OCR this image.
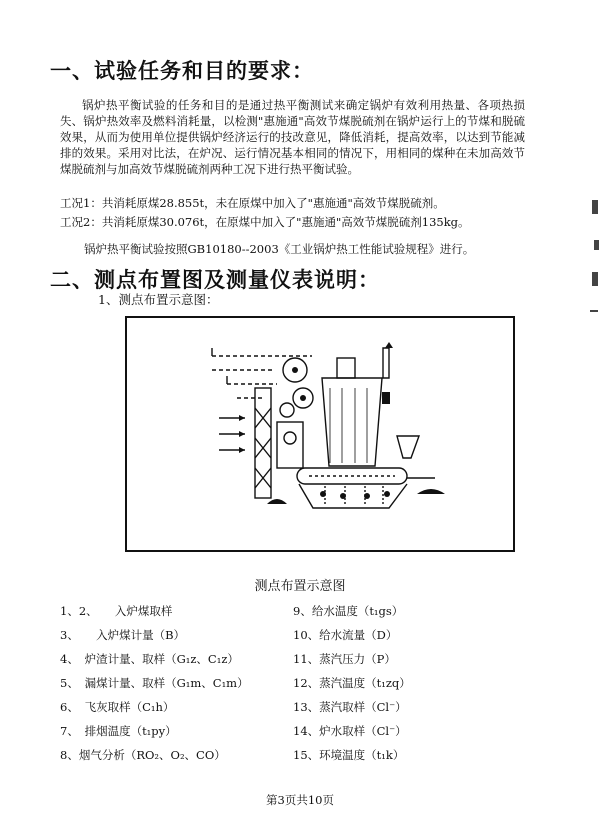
一、试验任务和目的要求：
锅炉热平衡试验的任务和目的是通过热平衡测试来确定锅炉有效利用热量、各项热损失、锅炉热效率及燃料消耗量，以检测"惠施通"高效节煤脱硫剂在锅炉运行上的节煤和脱硫效果，从而为使用单位提供锅炉经济运行的技改意见，降低消耗，提高效率，以达到节能减排的效果。采用对比法，在炉况、运行情况基本相同的情况下，用相同的煤种在未加高效节煤脱硫剂与加高效节煤脱硫剂两种工况下进行热平衡试验。
工况1：共消耗原煤28.855t，未在原煤中加入了"惠施通"高效节煤脱硫剂。
工况2：共消耗原煤30.076t，在原煤中加入了"惠施通"高效节煤脱硫剂135kg。
锅炉热平衡试验按照GB10180--2003《工业锅炉热工性能试验规程》进行。
二、测点布置图及测量仪表说明：
1、测点布置示意图：
测点布置示意图
1、2、　　入炉煤取样
3、　　入炉煤计量（B）
4、　炉渣计量、取样（G₁z、C₁z）
5、　漏煤计量、取样（G₁m、C₁m）
6、　飞灰取样（C₁h）
7、　排烟温度（t₁py）
8、烟气分析（RO₂、O₂、CO）
9、给水温度（t₁gs）
10、给水流量（D）
11、蒸汽压力（P）
12、蒸汽温度（t₁zq）
13、蒸汽取样（Cl⁻）
14、炉水取样（Cl⁻）
15、环境温度（t₁k）
第3页共10页
